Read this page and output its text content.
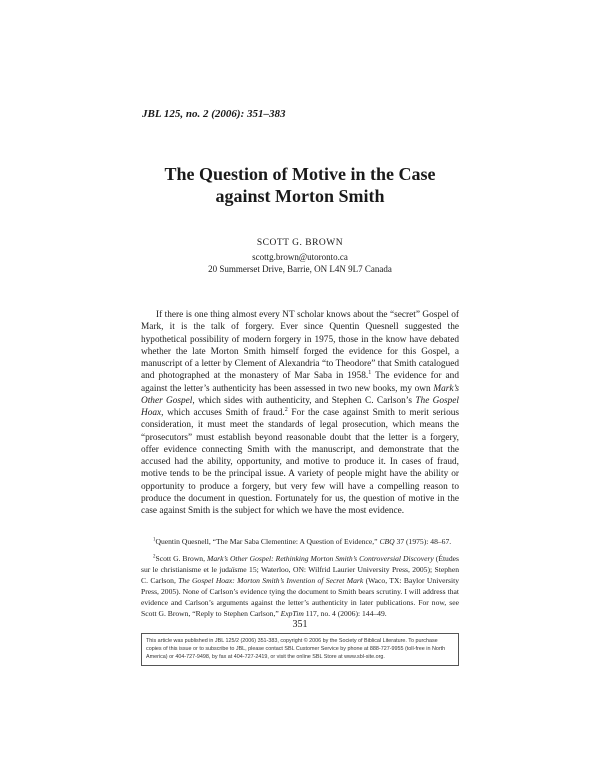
JBL 125, no. 2 (2006): 351–383
The Question of Motive in the Case
against Morton Smith
SCOTT G. BROWN
scottg.brown@utoronto.ca
20 Summerset Drive, Barrie, ON L4N 9L7 Canada

If there is one thing almost every NT scholar knows about the “secret” Gospel of Mark, it is the talk of forgery. Ever since Quentin Quesnell suggested the hypothetical possibility of modern forgery in 1975, those in the know have debated whether the late Morton Smith himself forged the evidence for this Gospel, a manuscript of a letter by Clement of Alexandria “to Theodore” that Smith catalogued and photographed at the monastery of Mar Saba in 1958.$^1$ The evidence for and against the letter’s authenticity has been assessed in two new books, my own Mark’s Other Gospel, which sides with authenticity, and Stephen C. Carlson’s The Gospel Hoax, which accuses Smith of fraud.$^2$ For the case against Smith to merit serious consideration, it must meet the standards of legal prosecution, which means the “prosecutors” must establish beyond reasonable doubt that the letter is a forgery, offer evidence connecting Smith with the manuscript, and demonstrate that the accused had the ability, opportunity, and motive to produce it. In cases of fraud, motive tends to be the principal issue. A variety of people might have the ability or opportunity to produce a forgery, but very few will have a compelling reason to produce the document in question. Fortunately for us, the question of motive in the case against Smith is the subject for which we have the most evidence.

$^1$Quentin Quesnell, “The Mar Saba Clementine: A Question of Evidence,” CBQ 37 (1975): 48–67.

$^2$Scott G. Brown, Mark’s Other Gospel: Rethinking Morton Smith’s Controversial Discovery (Études sur le christianisme et le judaïsme 15; Waterloo, ON: Wilfrid Laurier University Press, 2005); Stephen C. Carlson, The Gospel Hoax: Morton Smith’s Invention of Secret Mark (Waco, TX: Baylor University Press, 2005). None of Carlson’s evidence tying the document to Smith bears scrutiny. I will address that evidence and Carlson’s arguments against the letter’s authenticity in later publications. For now, see Scott G. Brown, “Reply to Stephen Carlson,” ExpTim 117, no. 4 (2006): 144–49.

351
This article was published in JBL 125/2 (2006) 351-383, copyright © 2006 by the Society of Biblical Literature. To purchase copies of this issue or to subscribe to JBL, please contact SBL Customer Service by phone at 888-727-9955 (toll-free in North America) or 404-727-9498, by fax at 404-727-2419, or visit the online SBL Store at www.sbl-site.org.
